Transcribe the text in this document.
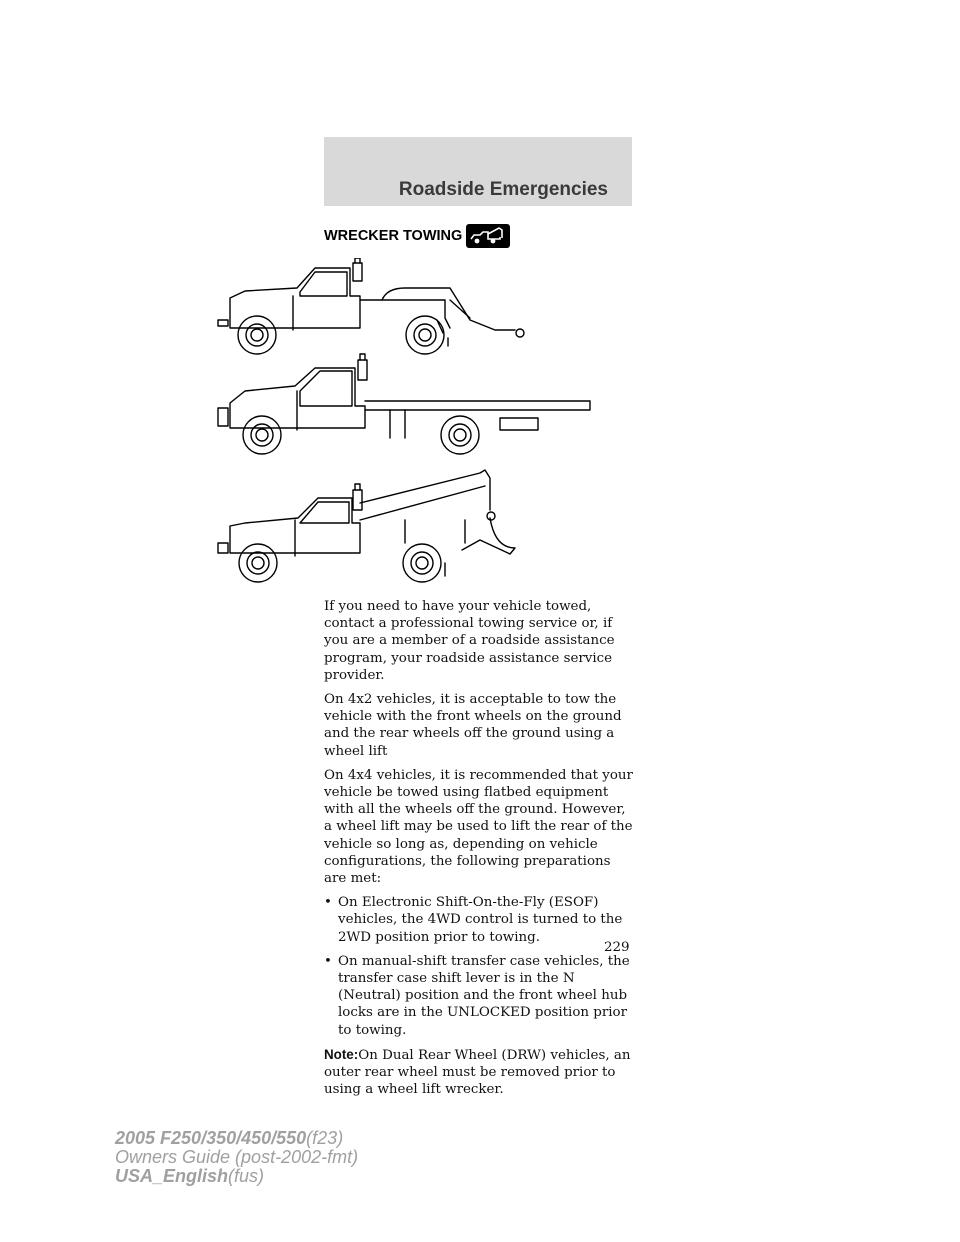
Roadside Emergencies
WRECKER TOWING

If you need to have your vehicle towed, contact a professional towing service or, if you are a member of a roadside assistance program, your roadside assistance service provider.

On 4x2 vehicles, it is acceptable to tow the vehicle with the front wheels on the ground and the rear wheels off the ground using a wheel lift

On 4x4 vehicles, it is recommended that your vehicle be towed using flatbed equipment with all the wheels off the ground. However, a wheel lift may be used to lift the rear of the vehicle so long as, depending on vehicle configurations, the following preparations are met:

• On Electronic Shift-On-the-Fly (ESOF) vehicles, the 4WD control is turned to the 2WD position prior to towing.
• On manual-shift transfer case vehicles, the transfer case shift lever is in the N (Neutral) position and the front wheel hub locks are in the UNLOCKED position prior to towing.

Note:On Dual Rear Wheel (DRW) vehicles, an outer rear wheel must be removed prior to using a wheel lift wrecker.

229
2005 F250/350/450/550(f23)
Owners Guide (post-2002-fmt)
USA_English(fus)
